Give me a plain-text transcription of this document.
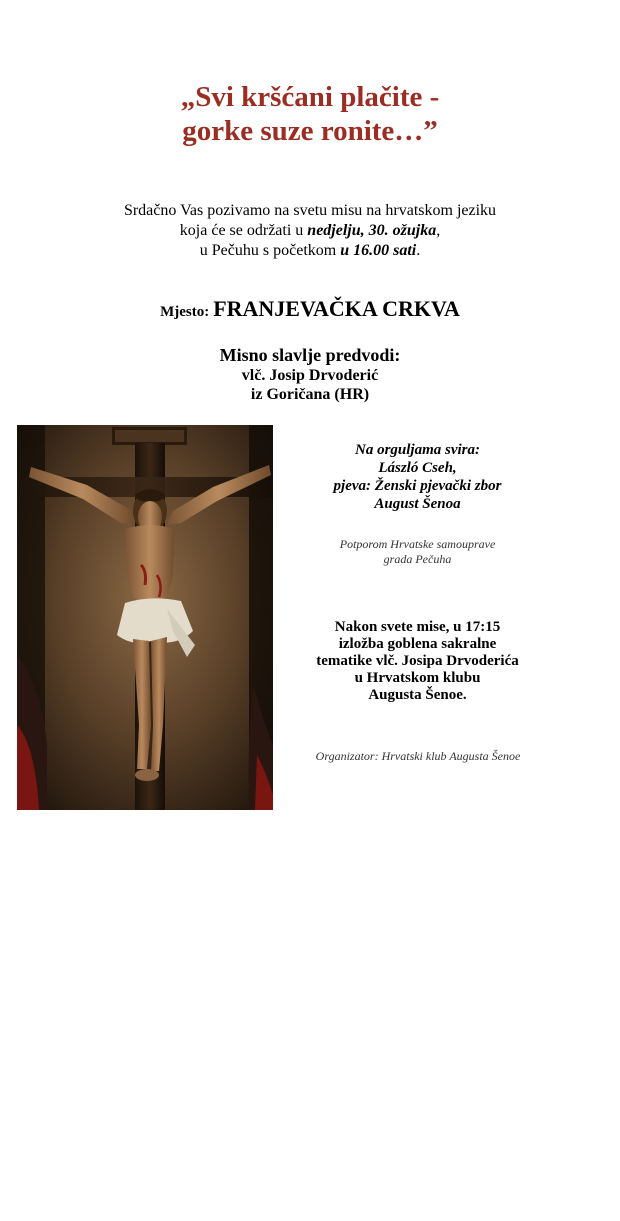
„Svi kršćani plačite -
gorke suze ronite…”
Srdačno Vas pozivamo na svetu misu na hrvatskom jeziku
koja će se održati u nedjelju, 30. ožujka,
u Pečuhu s početkom u 16.00 sati.
Mjesto: FRANJEVAČKA CRKVA
Misno slavlje predvodi:
vlč. Josip Drvoderić
iz Goričana (HR)
Kollár
Na orguljama svira:
László Cseh,
pjeva: Ženski pjevački zbor
August Šenoa
Potporom Hrvatske samouprave
grada Pečuha
Nakon svete mise, u 17:15
izložba goblena sakralne
tematike vlč. Josipa Drvoderića
u Hrvatskom klubu
Augusta Šenoe.
Organizator: Hrvatski klub Augusta Šenoe
